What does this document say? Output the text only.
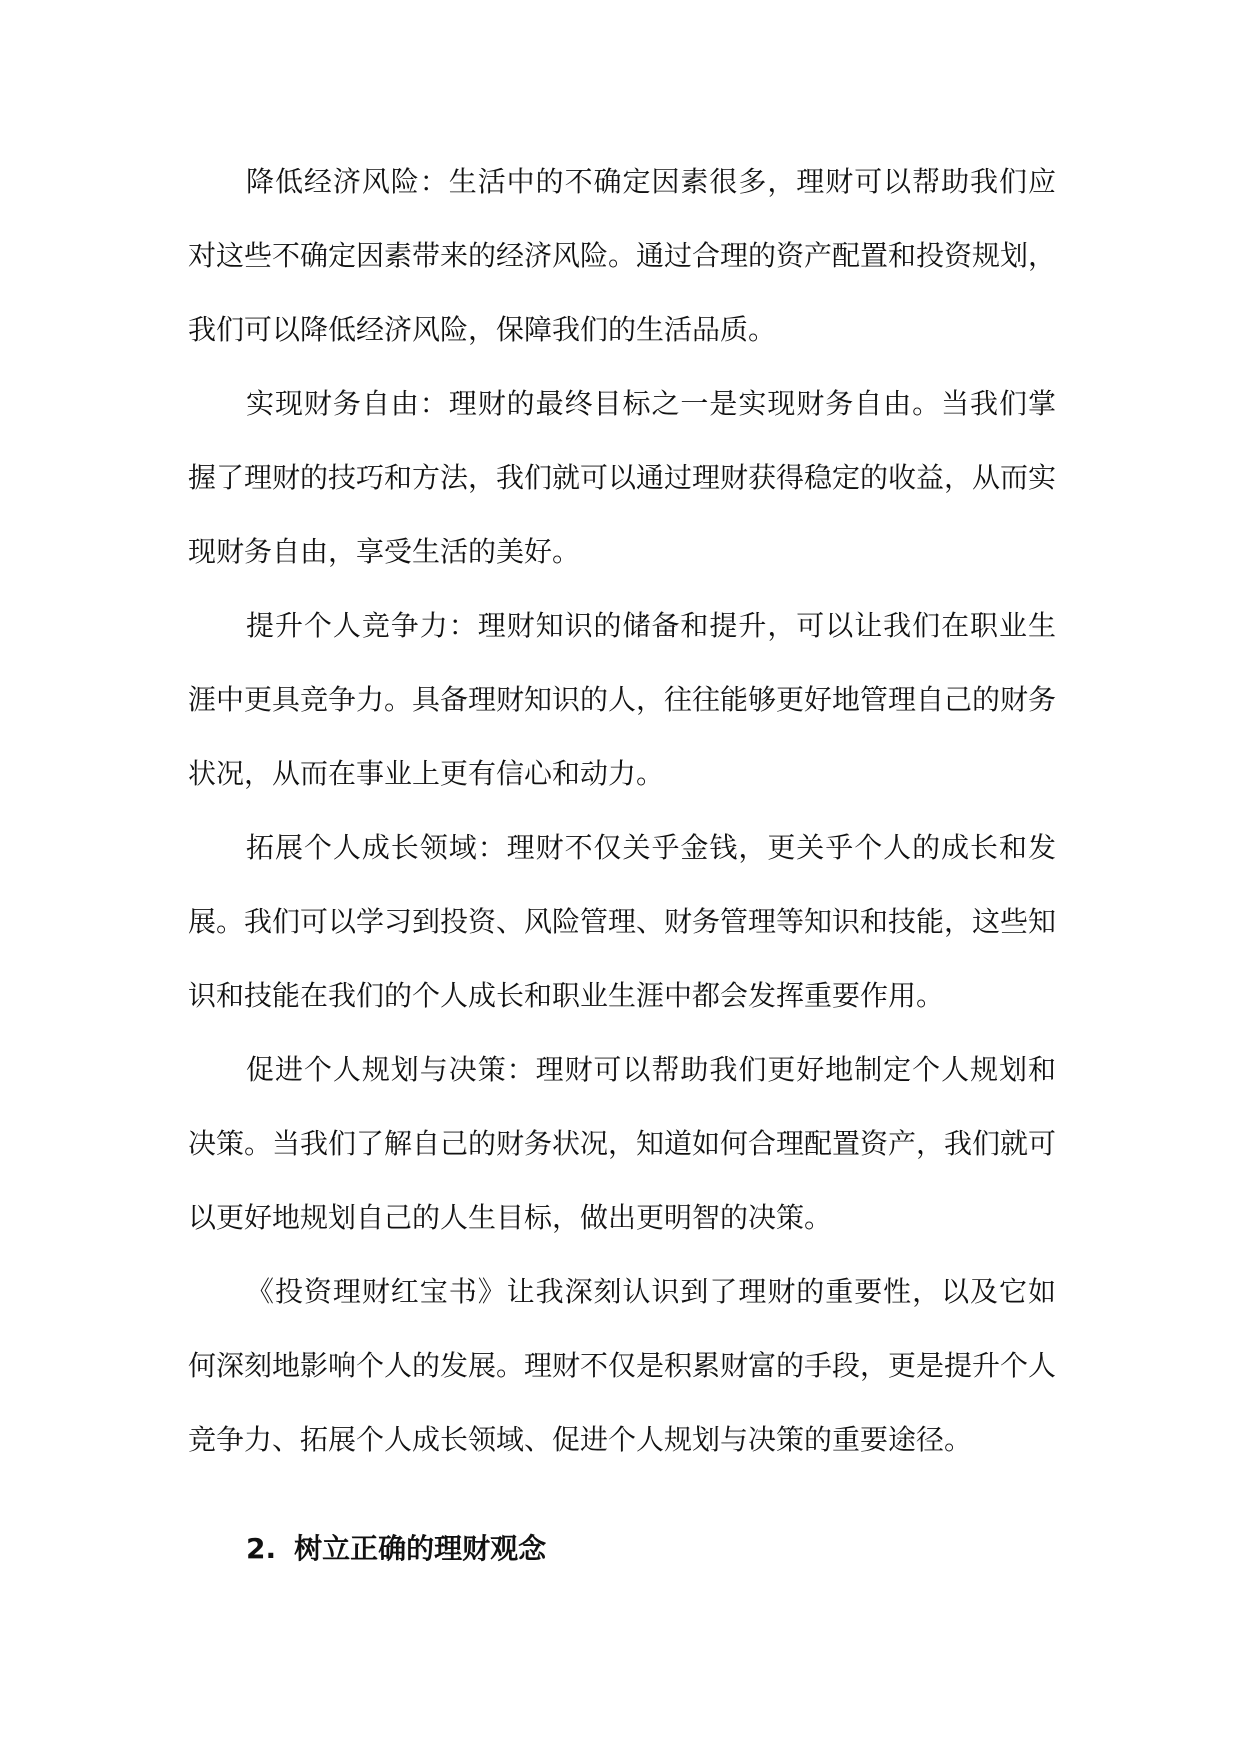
降低经济风险：生活中的不确定因素很多，理财可以帮助我们应对这些不确定因素带来的经济风险。通过合理的资产配置和投资规划，我们可以降低经济风险，保障我们的生活品质。

实现财务自由：理财的最终目标之一是实现财务自由。当我们掌握了理财的技巧和方法，我们就可以通过理财获得稳定的收益，从而实现财务自由，享受生活的美好。

提升个人竞争力：理财知识的储备和提升，可以让我们在职业生涯中更具竞争力。具备理财知识的人，往往能够更好地管理自己的财务状况，从而在事业上更有信心和动力。

拓展个人成长领域：理财不仅关乎金钱，更关乎个人的成长和发展。我们可以学习到投资、风险管理、财务管理等知识和技能，这些知识和技能在我们的个人成长和职业生涯中都会发挥重要作用。

促进个人规划与决策：理财可以帮助我们更好地制定个人规划和决策。当我们了解自己的财务状况，知道如何合理配置资产，我们就可以更好地规划自己的人生目标，做出更明智的决策。

《投资理财红宝书》让我深刻认识到了理财的重要性，以及它如何深刻地影响个人的发展。理财不仅是积累财富的手段，更是提升个人竞争力、拓展个人成长领域、促进个人规划与决策的重要途径。

2. 树立正确的理财观念
